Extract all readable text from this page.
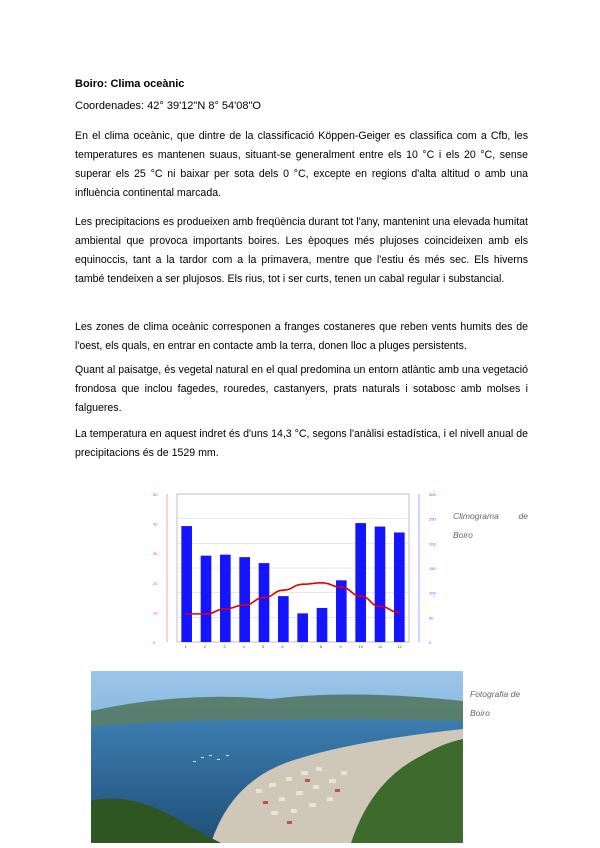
Boiro: Clima oceànic
Coordenades: 42° 39'12"N 8° 54'08"O

En el clima oceànic, que dintre de la classificació Köppen-Geiger es classifica com a Cfb, les temperatures es mantenen suaus, situant-se generalment entre els 10 °C i els 20 °C, sense superar els 25 °C ni baixar per sota dels 0 °C, excepte en regions d'alta altitud o amb una influència continental marcada.

Les precipitacions es produeixen amb freqüència durant tot l'any, mantenint una elevada humitat ambiental que provoca importants boires. Les èpoques més plujoses coincideixen amb els equinoccis, tant a la tardor com a la primavera, mentre que l'estiu és més sec. Els hiverns també tendeixen a ser plujosos. Els rius, tot i ser curts, tenen un cabal regular i substancial.

Les zones de clima oceànic corresponen a franges costaneres que reben vents humits des de l'oest, els quals, en entrar en contacte amb la terra, donen lloc a pluges persistents.

Quant al paisatge, és vegetal natural en el qual predomina un entorn atlàntic amb una vegetació frondosa que inclou fagedes, rouredes, castanyers, prats naturals i sotabosc amb molses i falgueres.

La temperatura en aquest indret és d'uns 14,3 °C, segons l'anàlisi estadística, i el nivell anual de precipitacions és de 1529 mm.

0
10
20
30
40
50
0
50
100
150
200
250
300
1	2	3	4	5	6	7	8	9	10	11	12
Climograma de
Boiro
Fotografia de Boiro
